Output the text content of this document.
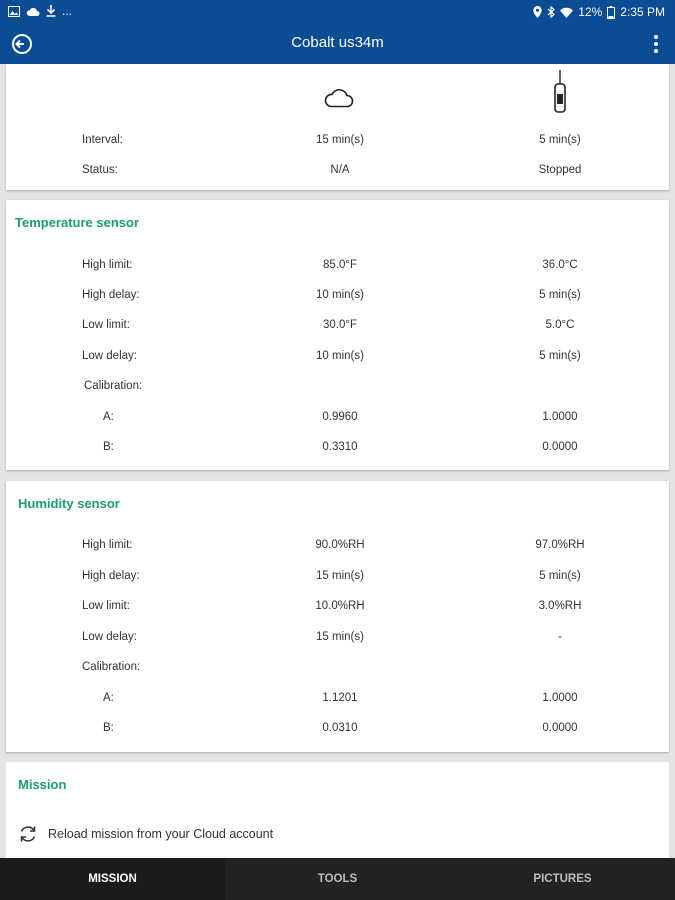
...	12% 2:35 PM
Cobalt us34m
Interval:	15 min(s)	5 min(s)
Status:	N/A	Stopped
Temperature sensor
High limit:	85.0°F	36.0°C
High delay:	10 min(s)	5 min(s)
Low limit:	30.0°F	5.0°C
Low delay:	10 min(s)	5 min(s)
Calibration:
A:	0.9960	1.0000
B:	0.3310	0.0000
Humidity sensor
High limit:	90.0%RH	97.0%RH
High delay:	15 min(s)	5 min(s)
Low limit:	10.0%RH	3.0%RH
Low delay:	15 min(s)	-
Calibration:
A:	1.1201	1.0000
B:	0.0310	0.0000
Mission
Reload mission from your Cloud account
MISSION	TOOLS	PICTURES
